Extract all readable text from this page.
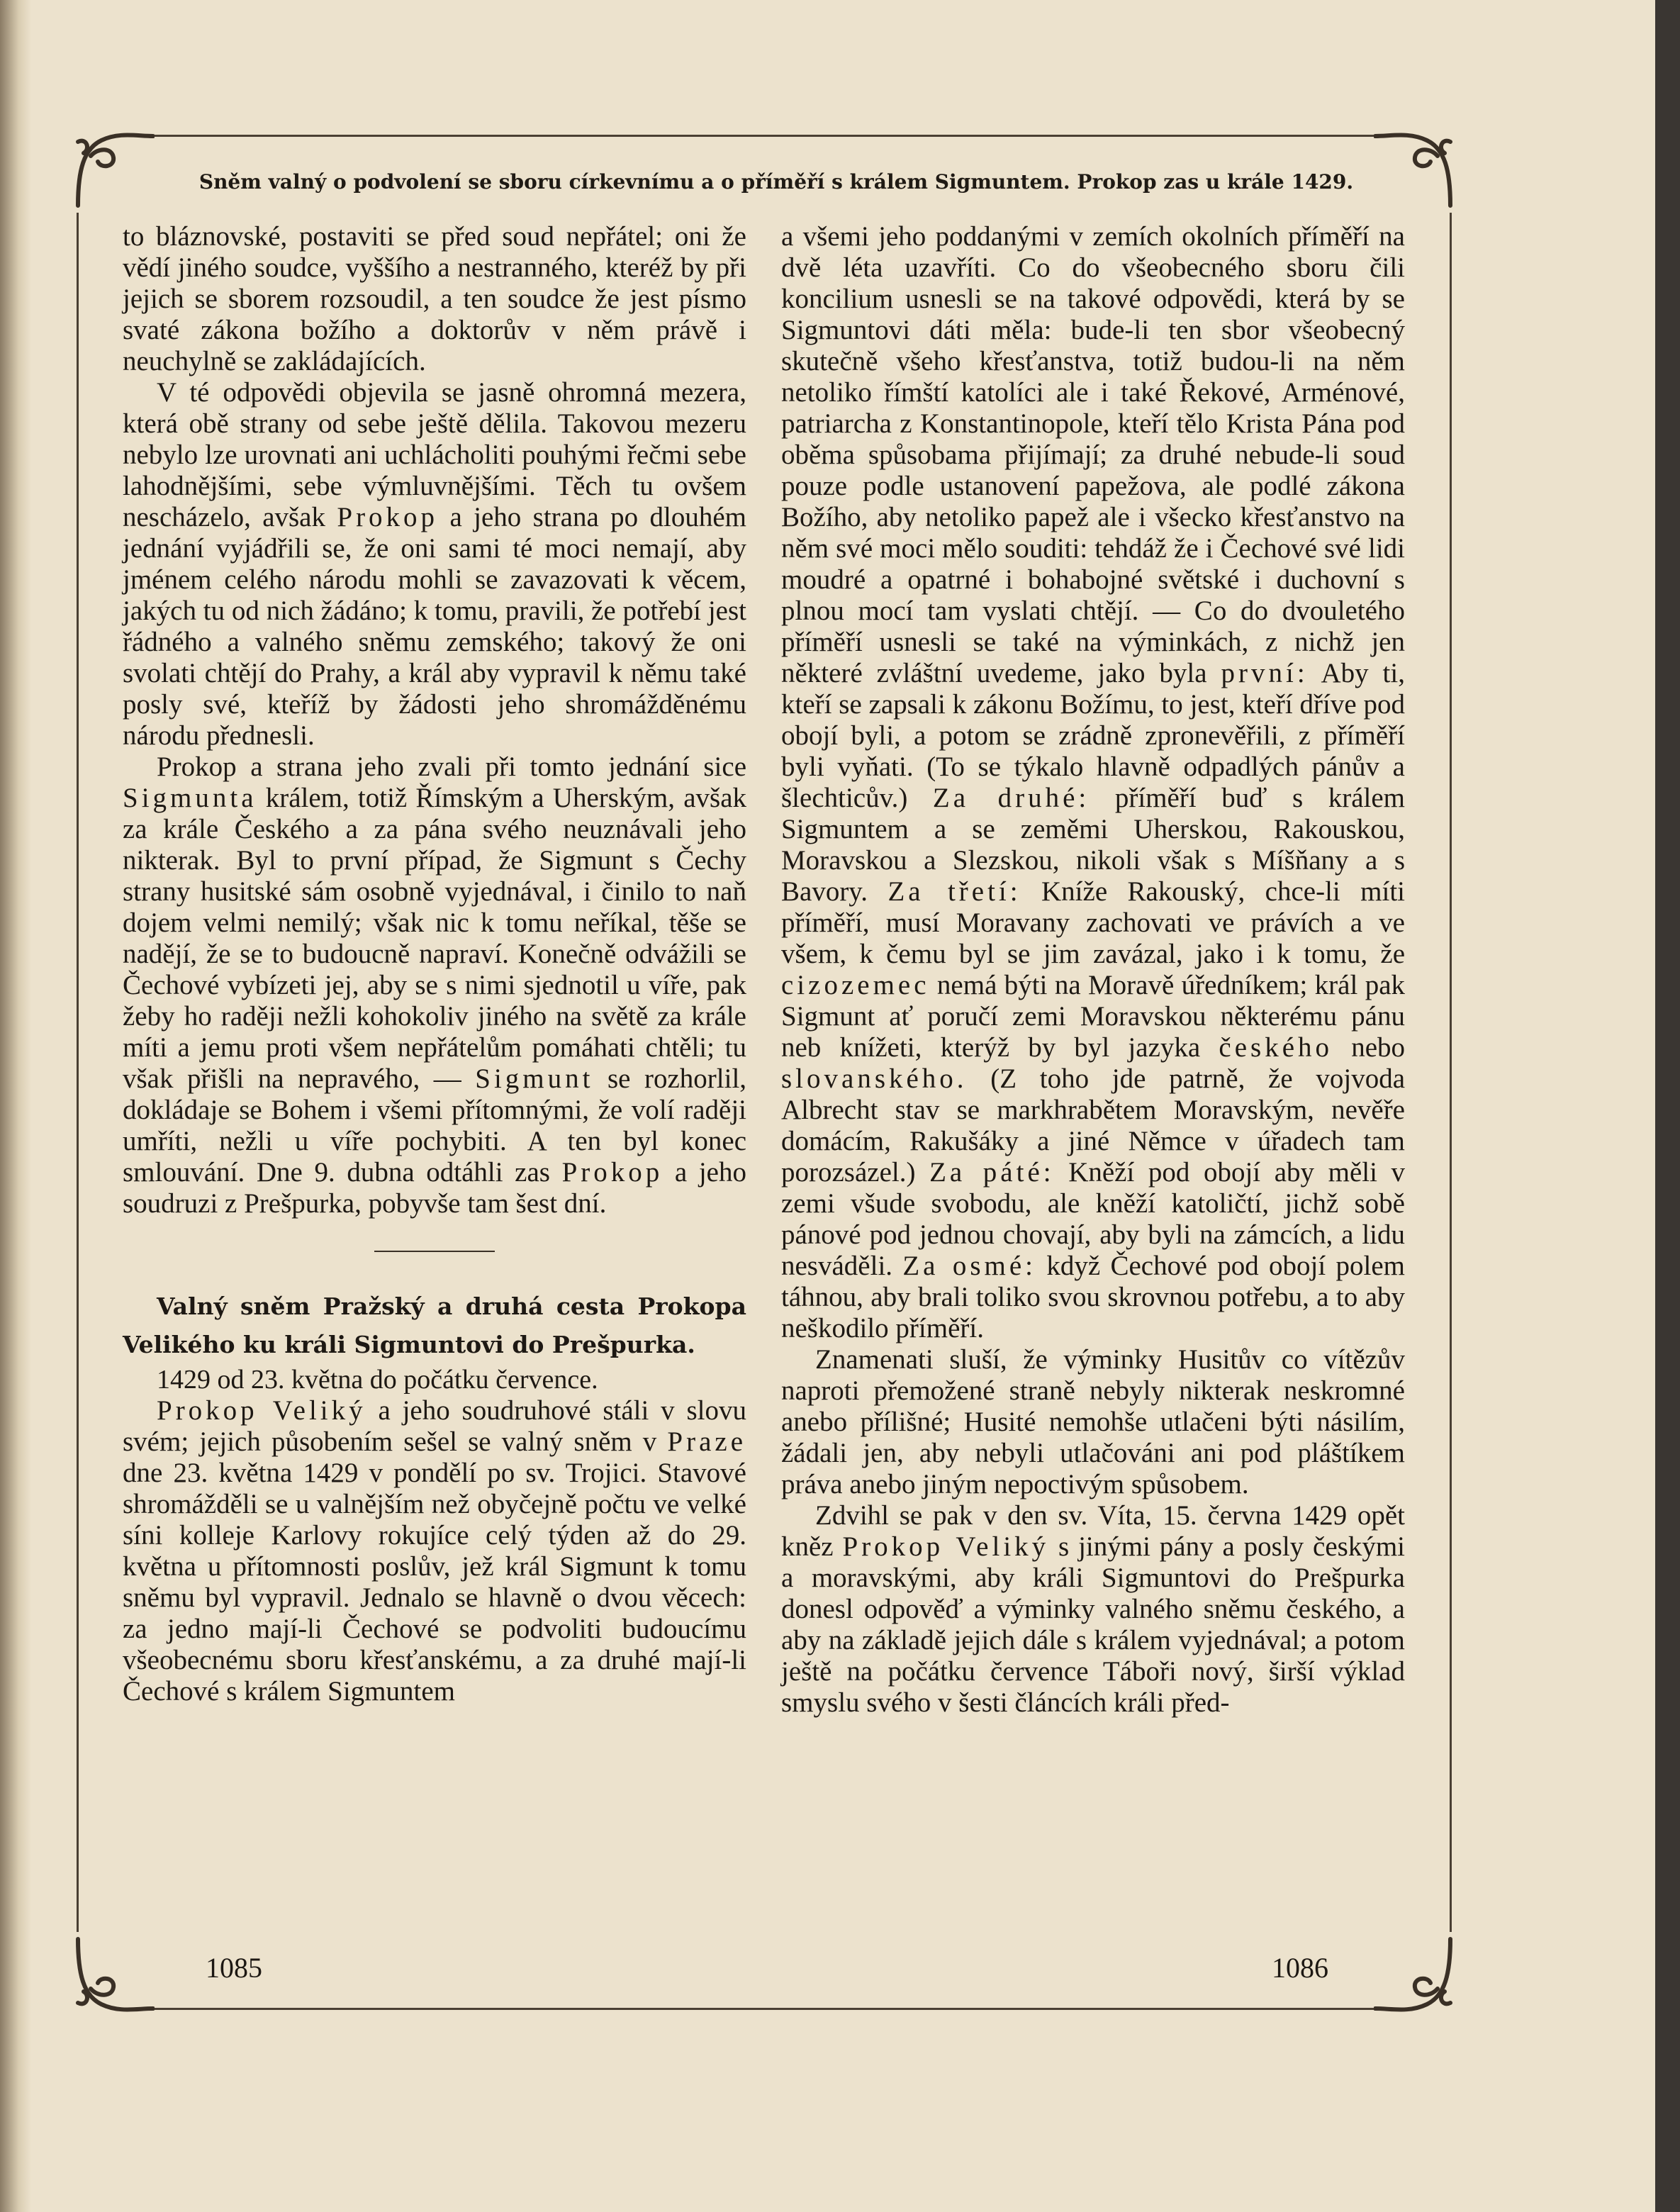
Sněm valný o podvolení se sboru církevnímu a o příměří s králem Sigmuntem. Prokop zas u krále 1429.

to bláznovské, postaviti se před soud nepřátel; oni že vědí jiného soudce, vyššího a nestranného, kteréž by při jejich se sborem rozsoudil, a ten soudce že jest písmo svaté zákona božího a doktorův v něm právě i neuchylně se zakládajících.

V té odpovědi objevila se jasně ohromná mezera, která obě strany od sebe ještě dělila. Takovou mezeru nebylo lze urovnati ani uchlácholiti pouhými řečmi sebe lahodnějšími, sebe výmluvnějšími. Těch tu ovšem nescházelo, avšak Prokop a jeho strana po dlouhém jednání vyjádřili se, že oni sami té moci nemají, aby jménem celého národu mohli se zavazovati k věcem, jakých tu od nich žádáno; k tomu, pravili, že potřebí jest řádného a valného sněmu zemského; takový že oni svolati chtějí do Prahy, a král aby vypravil k němu také posly své, kteříž by žádosti jeho shromážděnému národu přednesli.

Prokop a strana jeho zvali při tomto jednání sice Sigmunta králem, totiž Římským a Uherským, avšak za krále Českého a za pána svého neuznávali jeho nikterak. Byl to první případ, že Sigmunt s Čechy strany husitské sám osobně vyjednával, i činilo to naň dojem velmi nemilý; však nic k tomu neříkal, těše se nadějí, že se to budoucně napraví. Konečně odvážili se Čechové vybízeti jej, aby se s nimi sjednotil u víře, pak žeby ho raději nežli kohokoliv jiného na světě za krále míti a jemu proti všem nepřátelům pomáhati chtěli; tu však přišli na nepravého, — Sigmunt se rozhorlil, dokládaje se Bohem i všemi přítomnými, že volí raději umříti, nežli u víře pochybiti. A ten byl konec smlouvání. Dne 9. dubna odtáhli zas Prokop a jeho soudruzi z Prešpurka, pobyvše tam šest dní.

Valný sněm Pražský a druhá cesta Prokopa Velikého ku králi Sigmuntovi do Prešpurka.

1429 od 23. května do počátku července.

Prokop Veliký a jeho soudruhové stáli v slovu svém; jejich působením sešel se valný sněm v Praze dne 23. května 1429 v pondělí po sv. Trojici. Stavové shromážděli se u valnějším než obyčejně počtu ve velké síni kolleje Karlovy rokujíce celý týden až do 29. května u přítomnosti poslův, jež král Sigmunt k tomu sněmu byl vypravil. Jednalo se hlavně o dvou věcech: za jedno mají-li Čechové se podvoliti budoucímu všeobecnému sboru křesťanskému, a za druhé mají-li Čechové s králem Sigmuntem

a všemi jeho poddanými v zemích okolních příměří na dvě léta uzavříti. Co do všeobecného sboru čili koncilium usnesli se na takové odpovědi, která by se Sigmuntovi dáti měla: bude-li ten sbor všeobecný skutečně všeho křesťanstva, totiž budou-li na něm netoliko římští katolíci ale i také Řekové, Arménové, patriarcha z Konstantinopole, kteří tělo Krista Pána pod oběma spůsobama přijímají; za druhé nebude-li soud pouze podle ustanovení papežova, ale podlé zákona Božího, aby netoliko papež ale i všecko křesťanstvo na něm své moci mělo souditi: tehdáž že i Čechové své lidi moudré a opatrné i bohabojné světské i duchovní s plnou mocí tam vyslati chtějí. — Co do dvouletého příměří usnesli se také na výminkách, z nichž jen některé zvláštní uvedeme, jako byla první: Aby ti, kteří se zapsali k zákonu Božímu, to jest, kteří dříve pod obojí byli, a potom se zrádně zpronevěřili, z příměří byli vyňati. (To se týkalo hlavně odpadlých pánův a šlechticův.) Za druhé: příměří buď s králem Sigmuntem a se zeměmi Uherskou, Rakouskou, Moravskou a Slezskou, nikoli však s Míšňany a s Bavory. Za třetí: Kníže Rakouský, chce-li míti příměří, musí Moravany zachovati ve právích a ve všem, k čemu byl se jim zavázal, jako i k tomu, že cizozemec nemá býti na Moravě úředníkem; král pak Sigmunt ať poručí zemi Moravskou některému pánu neb knížeti, kterýž by byl jazyka českého nebo slovanského. (Z toho jde patrně, že vojvoda Albrecht stav se markhrabětem Moravským, nevěře domácím, Rakušáky a jiné Němce v úřadech tam porozsázel.) Za páté: Kněží pod obojí aby měli v zemi všude svobodu, ale kněží katoličtí, jichž sobě pánové pod jednou chovají, aby byli na zámcích, a lidu nesváděli. Za osmé: když Čechové pod obojí polem táhnou, aby brali toliko svou skrovnou potřebu, a to aby neškodilo příměří.

Znamenati sluší, že výminky Husitův co vítězův naproti přemožené straně nebyly nikterak neskromné anebo přílišné; Husité nemohše utlačeni býti násilím, žádali jen, aby nebyli utlačováni ani pod pláštíkem práva anebo jiným nepoctivým spůsobem.

Zdvihl se pak v den sv. Víta, 15. června 1429 opět kněz Prokop Veliký s jinými pány a posly českými a moravskými, aby králi Sigmuntovi do Prešpurka donesl odpověď a výminky valného sněmu českého, a aby na základě jejich dále s králem vyjednával; a potom ještě na počátku července Táboři nový, širší výklad smyslu svého v šesti článcích králi před-

1085	1086
